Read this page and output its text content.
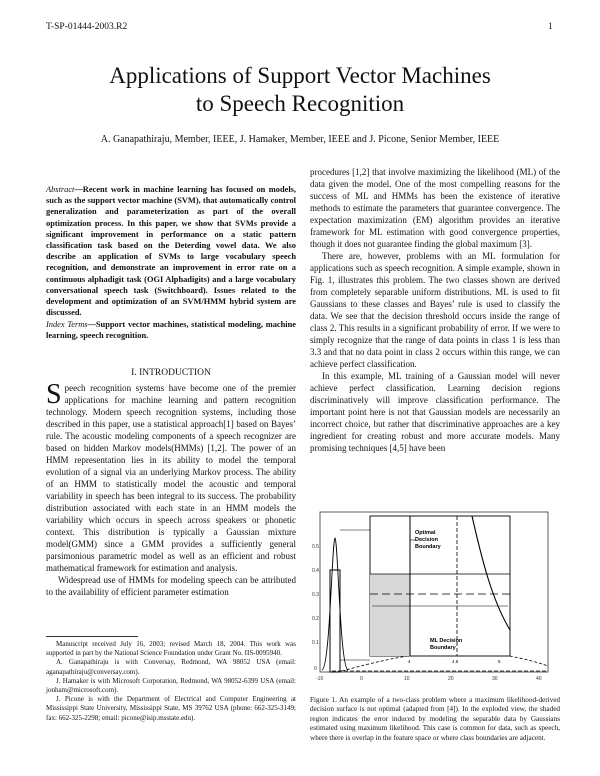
T-SP-01444-2003.R2	1
Applications of Support Vector Machines
to Speech Recognition
A. Ganapathiraju, Member, IEEE, J. Hamaker, Member, IEEE and J. Picone, Senior Member, IEEE
Abstract—Recent work in machine learning has focused on models, such as the support vector machine (SVM), that automatically control generalization and parameterization as part of the overall optimization process. In this paper, we show that SVMs provide a significant improvement in performance on a static pattern classification task based on the Deterding vowel data. We also describe an application of SVMs to large vocabulary speech recognition, and demonstrate an improvement in error rate on a continuous alphadigit task (OGI Alphadigits) and a large vocabulary conversational speech task (Switchboard). Issues related to the development and optimization of an SVM/HMM hybrid system are discussed.
Index Terms—Support vector machines, statistical modeling, machine learning, speech recognition.
I. INTRODUCTION
Speech recognition systems have become one of the premier applications for machine learning and pattern recognition technology. Modern speech recognition systems, including those described in this paper, use a statistical approach[1] based on Bayes’ rule. The acoustic modeling components of a speech recognizer are based on hidden Markov models(HMMs) [1,2]. The power of an HMM representation lies in its ability to model the temporal evolution of a signal via an underlying Markov process. The ability of an HMM to statistically model the acoustic and temporal variability in speech has been integral to its success. The probability distribution associated with each state in an HMM models the variability which occurs in speech across speakers or phonetic context. This distribution is typically a Gaussian mixture model(GMM) since a GMM provides a sufficiently general parsimonious parametric model as well as an efficient and robust mathematical framework for estimation and analysis.
Widespread use of HMMs for modeling speech can be attributed to the availability of efficient parameter estimation

Manuscript received July 16, 2003; revised March 18, 2004. This work was supported in part by the National Science Foundation under Grant No. IIS-0095940.

A. Ganapathiraju is with Conversay, Redmond, WA 98052 USA (email: aganapathiraju@conversay.com).

J. Hamaker is with Microsoft Corporation, Redmond, WA 98052-6399 USA (email: jonham@microsoft.com).

J. Picone is with the Department of Electrical and Computer Engineering at Mississippi State University, Mississippi State, MS 39762 USA (phone: 662-325-3149; fax: 662-325-2298; email: picone@isip.msstate.edu).

procedures [1,2] that involve maximizing the likelihood (ML) of the data given the model. One of the most compelling reasons for the success of ML and HMMs has been the existence of iterative methods to estimate the parameters that guarantee convergence. The expectation maximization (EM) algorithm provides an iterative framework for ML estimation with good convergence properties, though it does not guarantee finding the global maximum [3].

There are, however, problems with an ML formulation for applications such as speech recognition. A simple example, shown in Fig. 1, illustrates this problem. The two classes shown are derived from completely separable uniform distributions. ML is used to fit Gaussians to these classes and Bayes’ rule is used to classify the data. We see that the decision threshold occurs inside the range of class 2. This results in a significant probability of error. If we were to simply recognize that the range of data points in class 1 is less than 3.3 and that no data point in class 2 occurs within this range, we can achieve perfect classification.

In this example, ML training of a Gaussian model will never achieve perfect classification. Learning decision regions discriminatively will improve classification performance. The important point here is not that Gaussian models are necessarily an incorrect choice, but rather that discriminative approaches are a key ingredient for creating robust and more accurate models. Many promising techniques [4,5] have been

0.5
0.4
0.3
0.2
0.1
0
-10	0	10	20	30	40
Optimal
Decision
Boundary
ML Decision
Boundary
4	4.5	5
Figure 1. An example of a two-class problem where a maximum likelihood-derived decision surface is not optimal (adapted from [4]). In the exploded view, the shaded region indicates the error induced by modeling the separable data by Gaussians estimated using maximum likelihood. This case is common for data, such as speech, where there is overlap in the feature space or where class boundaries are adjacent.
